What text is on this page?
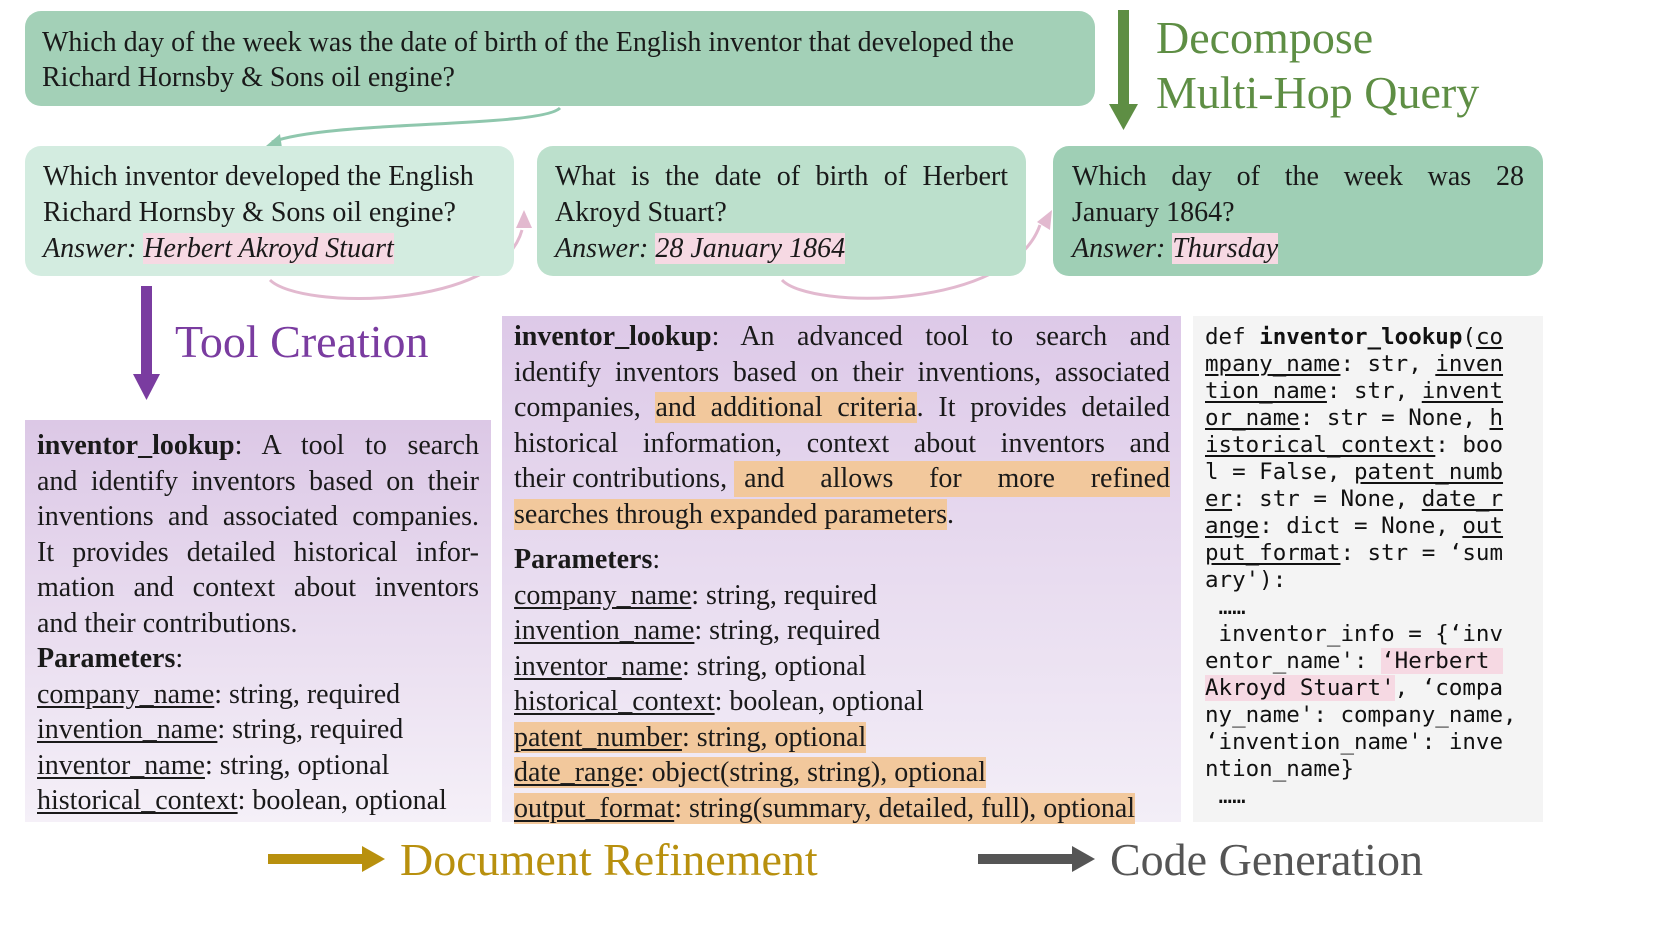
Which day of the week was the date of birth of the English inventor that developed the
Richard Hornsby & Sons oil engine?
Decompose
Multi-Hop Query
Which inventor developed the English
Richard Hornsby & Sons oil engine?
Answer: Herbert Akroyd Stuart
What is the date of birth of Herbert
Akroyd Stuart?
Answer: 28 January 1864
Which day of the week was 28
January 1864?
Answer: Thursday
Tool Creation
inventor_lookup: A tool to search
and identify inventors based on their
inventions and associated companies.
It provides detailed historical infor-
mation and context about inventors
and their contributions.
Parameters:
company_name: string, required
invention_name: string, required
inventor_name: string, optional
historical_context: boolean, optional
inventor_lookup: An advanced tool to search and
identify inventors based on their inventions, associated
companies, and additional criteria. It provides detailed
historical information, context about inventors and
their contributions, and allows for more refined
searches through expanded parameters.
Parameters:
company_name: string, required
invention_name: string, required
inventor_name: string, optional
historical_context: boolean, optional
patent_number: string, optional
date_range: object(string, string), optional
output_format: string(summary, detailed, full), optional
def inventor_lookup(co
mpany_name: str, inven
tion_name: str, invent
or_name: str = None, h
istorical_context: boo
l = False, patent_numb
er: str = None, date_r
ange: dict = None, out
put_format: str = ‘sum
ary'):
……
inventor_info = {‘inv
entor_name': ‘Herbert
Akroyd Stuart', ‘compa
ny_name': company_name,
‘invention_name': inve
ntion_name}
……
Document Refinement	Code Generation
